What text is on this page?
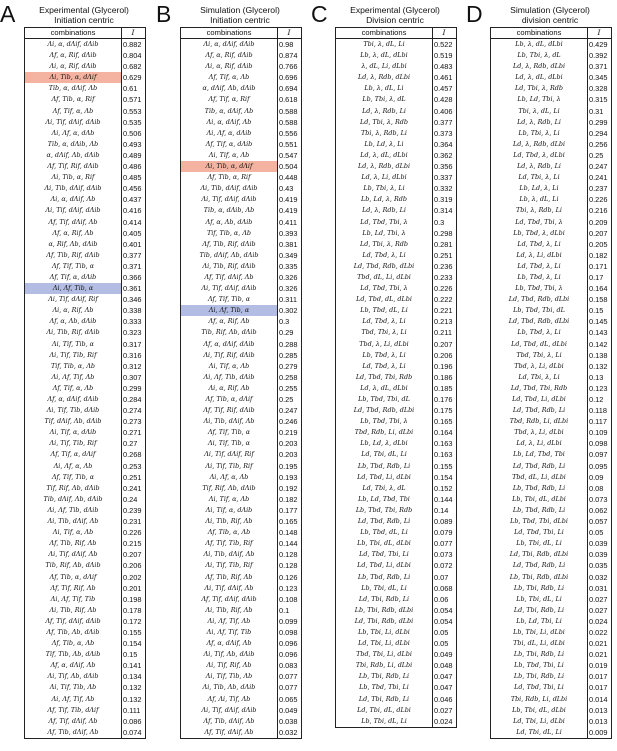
A	Experimental (Glycerol)
Initiation centric
combinations	I
Λi, α, dΛif, dΛib	0.882
Λf, α, Rif, dΛib	0.804
Λi, α, Rif, dΛib	0.682
Λi, Tib, α, dΛif	0.629
Tib, α, dΛif, Λb	0.61
Λf, Tib, α, Rif	0.571
Λf, Tif, α, Λb	0.553
Λi, Tif, dΛif, dΛib	0.535
Λi, Λf, α, dΛb	0.506
Tib, α, dΛib, Λb	0.493
α, dΛif, Λb, dΛib	0.489
Λf, Tif, Rif, dΛib	0.486
Λi, Tib, α, Rif	0.485
Λi, Tib, dΛif, dΛib	0.456
Λi, α, dΛif, Λb	0.437
Λi, Tif, dΛif, dΛib	0.416
Λf, Tif, dΛif, Λb	0.414
Λf, α, Rif, Λb	0.405
α, Rif, Λb, dΛib	0.401
Λf, Tib, Rif, dΛib	0.377
Λf, Tif, Tib, α	0.371
Λf, Tif, α, dΛib	0.366
Λi, Λf, Tib, α	0.361
Λi, Tif, dΛif, Rif	0.346
Λi, α, Rif, Λb	0.338
Λf, α, Λb, dΛib	0.333
Λi, Tib, Rif, dΛib	0.323
Λi, Tif, Tib, α	0.317
Λi, Tif, Tib, Rif	0.316
Tif, Tib, α, Λb	0.312
Λi, Λf, Tif, Λb	0.307
Λf, Tif, α, Λb	0.299
Λf, α, dΛif, dΛib	0.284
Λi, Tif, Tib, dΛib	0.274
Tif, dΛif, Λb, dΛib	0.273
Λi, Tif, α, dΛib	0.271
Λi, Tif, Tib, Rif	0.27
Λf, Tif, α, dΛif	0.268
Λi, Λf, α, Λb	0.253
Λf, Tif, Tib, α	0.251
Tif, Rif, Λb, dΛib	0.241
Tib, dΛif, Λb, dΛib	0.24
Λi, Λf, Tib, dΛib	0.239
Λi, Tib, dΛif, Λb	0.231
Λi, Tif, α, Λb	0.226
Λf, Tib, Rif, Λb	0.215
Λi, Tif, dΛif, Λb	0.207
Tib, Rif, Λb, dΛib	0.206
Λf, Tib, α, dΛif	0.202
Λf, Tif, Rif, Λb	0.201
Λi, Λf, Tif, Tib	0.198
Λi, Tib, Rif, Λb	0.178
Λf, Tif, dΛif, dΛib	0.172
Λf, Tib, Λb, dΛib	0.155
Λf, Tib, α, Λb	0.154
Tif, Tib, Λb, dΛib	0.15
Λf, α, dΛif, Λb	0.141
Λi, Tif, Λb, dΛib	0.134
Λi, Tif, Tib, Λb	0.132
Λi, Λf, Tif, Λb	0.132
Λf, Tif, Tib, dΛif	0.111
Λf, Tif, dΛif, Λb	0.086
Λf, Tib, dΛif, Λb	0.074
B	Simulation (Glycerol)
Initiation centric
combinations	I
Λi, α, dΛif, dΛib	0.98
Λf, α, Rif, dΛib	0.874
Λi, α, Rif, dΛib	0.766
Λf, Tif, α, Λb	0.696
α, dΛif, Λb, dΛib	0.694
Λf, Tif, α, Rif	0.618
Tib, α, dΛif, Λb	0.588
Λi, α, dΛif, Λb	0.588
Λi, Λf, α, dΛib	0.556
Λf, Tif, α, dΛib	0.551
Λi, Tif, α, Λb	0.547
Λi, Tib, α, dΛif	0.504
Λf, Tib, α, Rif	0.448
Λi, Tib, dΛif, dΛib	0.43
Λi, Tif, dΛif, dΛib	0.419
Tib, α, dΛib, Λb	0.419
Λf, α, Λb, dΛib	0.411
Tif, Tib, α, Λb	0.393
Λf, Tib, Rif, dΛib	0.381
Tib, dΛif, Λb, dΛib	0.349
Λi, Tib, Rif, dΛib	0.335
Λf, Tif, dΛif, Λb	0.326
Λi, Tif, dΛif, dΛib	0.326
Λf, Tif, Tib, α	0.311
Λi, Λf, Tib, α	0.302
Λf, α, Rif, Λb	0.3
Tib, Rif, Λb, dΛib	0.29
Λf, α, dΛif, dΛib	0.288
Λi, Tif, Rif, dΛib	0.285
Λi, Tif, α, Λb	0.279
Λi, Λf, Tib, dΛib	0.258
Λi, α, Rif, Λb	0.255
Λf, Tib, α, dΛif	0.25
Λf, Tif, Rif, dΛib	0.247
Λi, Tib, dΛif, Λb	0.246
Λf, Tif, Tib, α	0.219
Λi, Tif, Tib, α	0.203
Λi, Tif, dΛif, Rif	0.203
Λi, Tif, Tib, Rif	0.195
Λi, Λf, α, Λb	0.193
Tif, Rif, Λb, dΛib	0.192
Λi, Tif, α, Λb	0.182
Λi, Tif, α, dΛib	0.177
Λi, Tib, Rif, Λb	0.165
Λf, Tib, α, Λb	0.148
Λf, Tif, Tib, Rif	0.144
Λi, Tib, dΛif, Λb	0.128
Λi, Tif, Tib, Rif	0.128
Λf, Tib, Rif, Λb	0.126
Λi, Tif, dΛif, Λb	0.123
Λf, Tif, dΛif, dΛib	0.108
Λi, Tib, Rif, Λb	0.1
Λi, Λf, Tif, Λb	0.099
Λi, Λf, Tif, Tib	0.098
Λf, α, dΛif, Λb	0.096
Λi, Tif, Λb, dΛib	0.096
Λi, Tif, Rif, Λb	0.083
Λi, Tif, Tib, Λb	0.077
Λi, Tib, Λb, dΛib	0.077
Λf, Λi, Tif, Λb	0.065
Λi, Tif, dΛif, dΛib	0.049
Λf, Tib, dΛif, Λb	0.038
Λf, Tif, dΛif, Λb	0.032
C	Experimental (Glycerol)
Division centric
combinations	I
Tbi, λ, dL, Li	0.522
Lb, λ, dL, dLbi	0.519
λ, dL, Li, dLbi	0.483
Ld, λ, Rdb, dLbi	0.461
Lb, λ, dL, Li	0.457
Lb, Tbi, λ, dL	0.428
Ld, λ, Rdb, Li	0.406
Ld, Tbi, λ, Rdb	0.377
Tbi, λ, Rdb, Li	0.373
Lb, Ld, λ, Li	0.364
Ld, λ, dL, dLbi	0.362
Ld, λ, Rdb, dLbi	0.356
Ld, λ, Li, dLbi	0.337
Lb, Tbi, λ, Li	0.332
Lb, Ld, λ, Rdb	0.319
Ld, λ, Rdb, Li	0.314
Ld, Tbd, Tbi, λ	0.3
Lb, Ld, Tbi, λ	0.298
Ld, Tbi, λ, Rdb	0.281
Ld, Tbd, λ, Li	0.251
Ld, Tbd, Rdb, dLbi	0.236
Tbd, dL, Li, dLbi	0.233
Ld, Tbd, Tbi, λ	0.226
Ld, Tbd, dL, dLbi	0.222
Lb, Tbd, dL, Li	0.221
Ld, Tbd, λ, Li	0.213
Tbd, Tbi, λ, Li	0.211
Tbd, λ, Li, dLbi	0.207
Lb, Tbd, λ, Li	0.206
Ld, Tbd, λ, Li	0.196
Ld, Tbd, Tbi, Rdb	0.186
Ld, λ, dL, dLbi	0.185
Lb, Tbd, Tbi, dL	0.176
Ld, Tbd, Rdb, dLbi	0.175
Lb, Tbd, Tbi, λ	0.165
Tbd, Rdb, Li, dLbi	0.164
Lb, Ld, λ, dLbi	0.163
Ld, Tbi, dL, Li	0.163
Lb, Tbd, Rdb, Li	0.155
Ld, Tbd, Li, dLbi	0.154
Ld, Tbi, λ, dL	0.152
Lb, Ld, Tbd, Tbi	0.144
Lb, Tbd, Tbi, Rdb	0.14
Ld, Tbd, Rdb, Li	0.089
Lb, Tbd, dL, Li	0.079
Lb, Tbi, dL, dLbi	0.077
Ld, Tbd, Tbi, Li	0.073
Ld, Tbd, Li, dLbi	0.072
Lb, Tbd, Rdb, Li	0.07
Lb, Tbi, dL, Li	0.068
Ld, Tbi, Rdb, Li	0.06
Lb, Tbi, Rdb, dLbi	0.054
Ld, Tbi, Rdb, dLbi	0.054
Lb, Tbi, Li, dLbi	0.05
Ld, Tbi, Li, dLbi	0.05
Tbd, Tbi, Li, dLbi	0.049
Tbi, Rdb, Li, dLbi	0.048
Lb, Tbi, Rdb, Li	0.047
Lb, Tbd, Tbi, Li	0.047
Ld, Tbi, Rdb, Li	0.046
Ld, Tbi, dL, dLbi	0.027
Lb, Tbi, dL, Li	0.024
D	Simulation (Glycerol)
division centric
combinations	I
Lb, λ, dL, dLbi	0.429
Lb, Tbi, λ, dL	0.392
Ld, λ, Rdb, dLbi	0.371
Ld, λ, dL, dLbi	0.345
Ld, Tbi, λ, Rdb	0.328
Lb, Ld, Tbi, λ	0.315
Tbi, λ, dL, Li	0.31
Ld, λ, Rdb, Li	0.299
Lb, Tbi, λ, Li	0.294
Ld, λ, Rdb, dLbi	0.256
Ld, Tbd, λ, dLbi	0.25
Ld, λ, Rdb, Li	0.247
Ld, Tbi, λ, Li	0.241
Lb, Ld, λ, Li	0.237
Lb, λ, dL, Li	0.226
Tbi, λ, Rdb, Li	0.216
Ld, Tbd, Tbi, λ	0.209
Lb, Tbd, λ, dLbi	0.207
Ld, Tbd, λ, Li	0.205
Ld, λ, Li, dLbi	0.182
Ld, Tbd, λ, Li	0.171
Lb, Tbd, λ, Li	0.17
Lb, Tbd, Tbi, λ	0.164
Ld, Tbd, Rdb, dLbi	0.158
Lb, Tbd, Tbi, dL	0.15
Ld, Tbd, Rdb, dLbi	0.145
Lb, Tbd, λ, Li	0.143
Ld, Tbd, dL, dLbi	0.142
Tbd, Tbi, λ, Li	0.138
Tbd, λ, Li, dLbi	0.132
Ld, Tbi, λ, Li	0.13
Ld, Tbd, Tbi, Rdb	0.123
Ld, Tbd, Li, dLbi	0.12
Ld, Tbd, Rdb, Li	0.118
Tbd, Rdb, Li, dLbi	0.117
Tbd, λ, Li, dLbi	0.109
Ld, λ, Li, dLbi	0.098
Lb, Ld, Tbd, Tbi	0.097
Ld, Tbd, Rdb, Li	0.095
Tbd, dL, Li, dLbi	0.09
Lb, Tbd, Rdb, Li	0.08
Lb, Tbi, dL, dLbi	0.073
Lb, Tbd, Rdb, Li	0.062
Lb, Tbd, Tbi, dLbi	0.057
Ld, Tbd, Tbi, Li	0.05
Lb, Tbi, dL, Li	0.039
Ld, Tbi, Rdb, dLbi	0.039
Ld, Tbd, Rdb, Li	0.035
Lb, Tbi, Rdb, dLbi	0.032
Lb, Tbi, Rdb, Li	0.031
Lb, Tbi, dL, Li	0.027
Ld, Tbi, Rdb, Li	0.027
Lb, Ld, Tbi, Li	0.024
Lb, Tbi, Li, dLbi	0.022
Tbi, dL, Li, dLbi	0.021
Lb, Tbi, Rdb, Li	0.021
Lb, Tbd, Tbi, Li	0.019
Lb, Tbi, Rdb, Li	0.017
Ld, Tbd, Tbi, Li	0.017
Tbi, Rdb, Li, dLbi	0.014
Lb, Tbi, dL, dLbi	0.013
Ld, Tbi, Li, dLbi	0.013
Ld, Tbi, dL, Li	0.009
